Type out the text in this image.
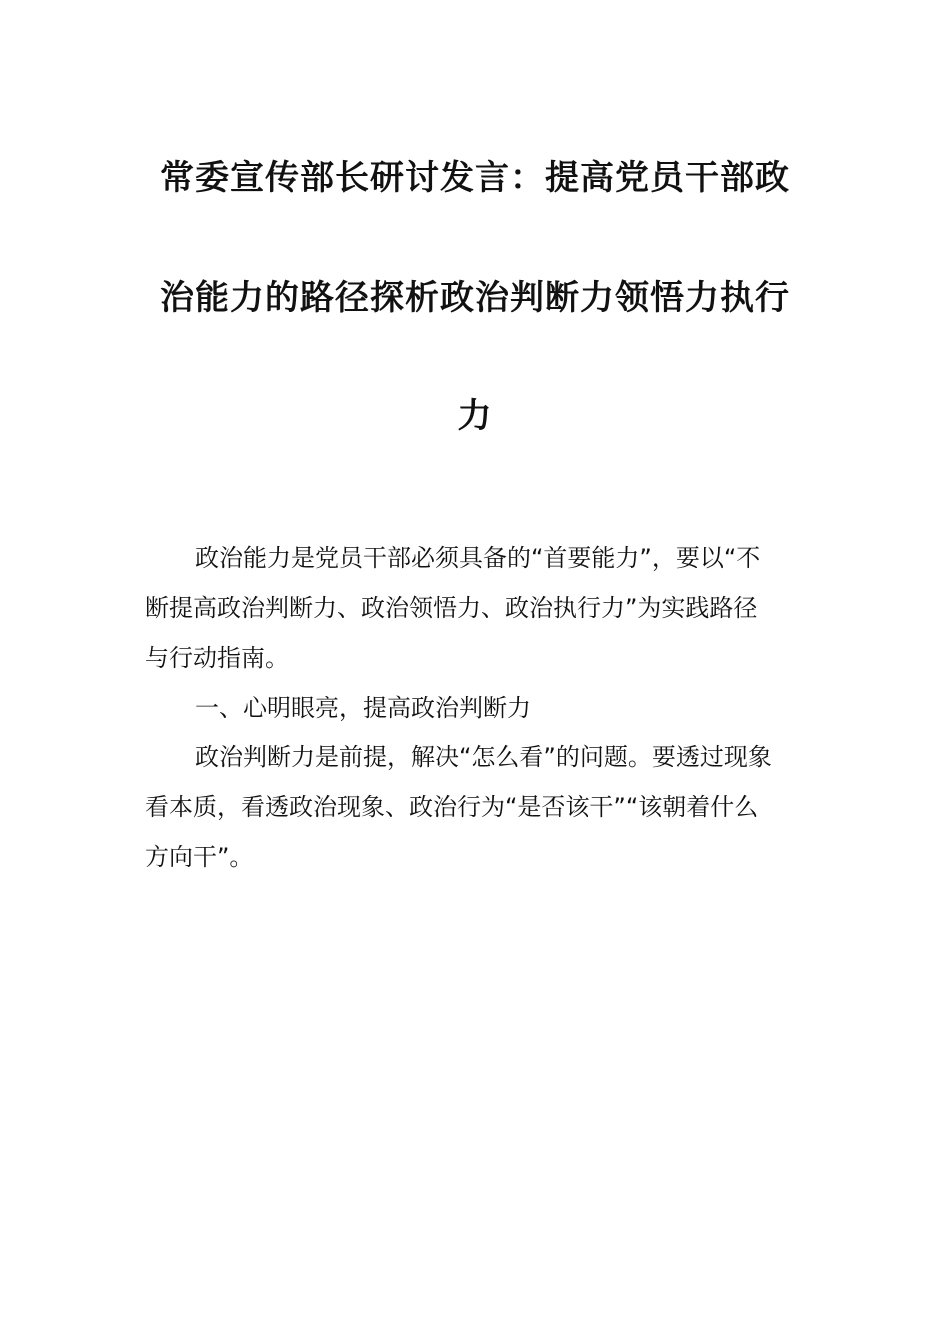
常委宣传部长研讨发言：提高党员干部政
治能力的路径探析政治判断力领悟力执行
力
政治能力是党员干部必须具备的“首要能力”，要以“不
断提高政治判断力、政治领悟力、政治执行力”为实践路径
与行动指南。
一、心明眼亮，提高政治判断力
政治判断力是前提，解决“怎么看”的问题。要透过现象
看本质，看透政治现象、政治行为“是否该干”“该朝着什么
方向干”。
